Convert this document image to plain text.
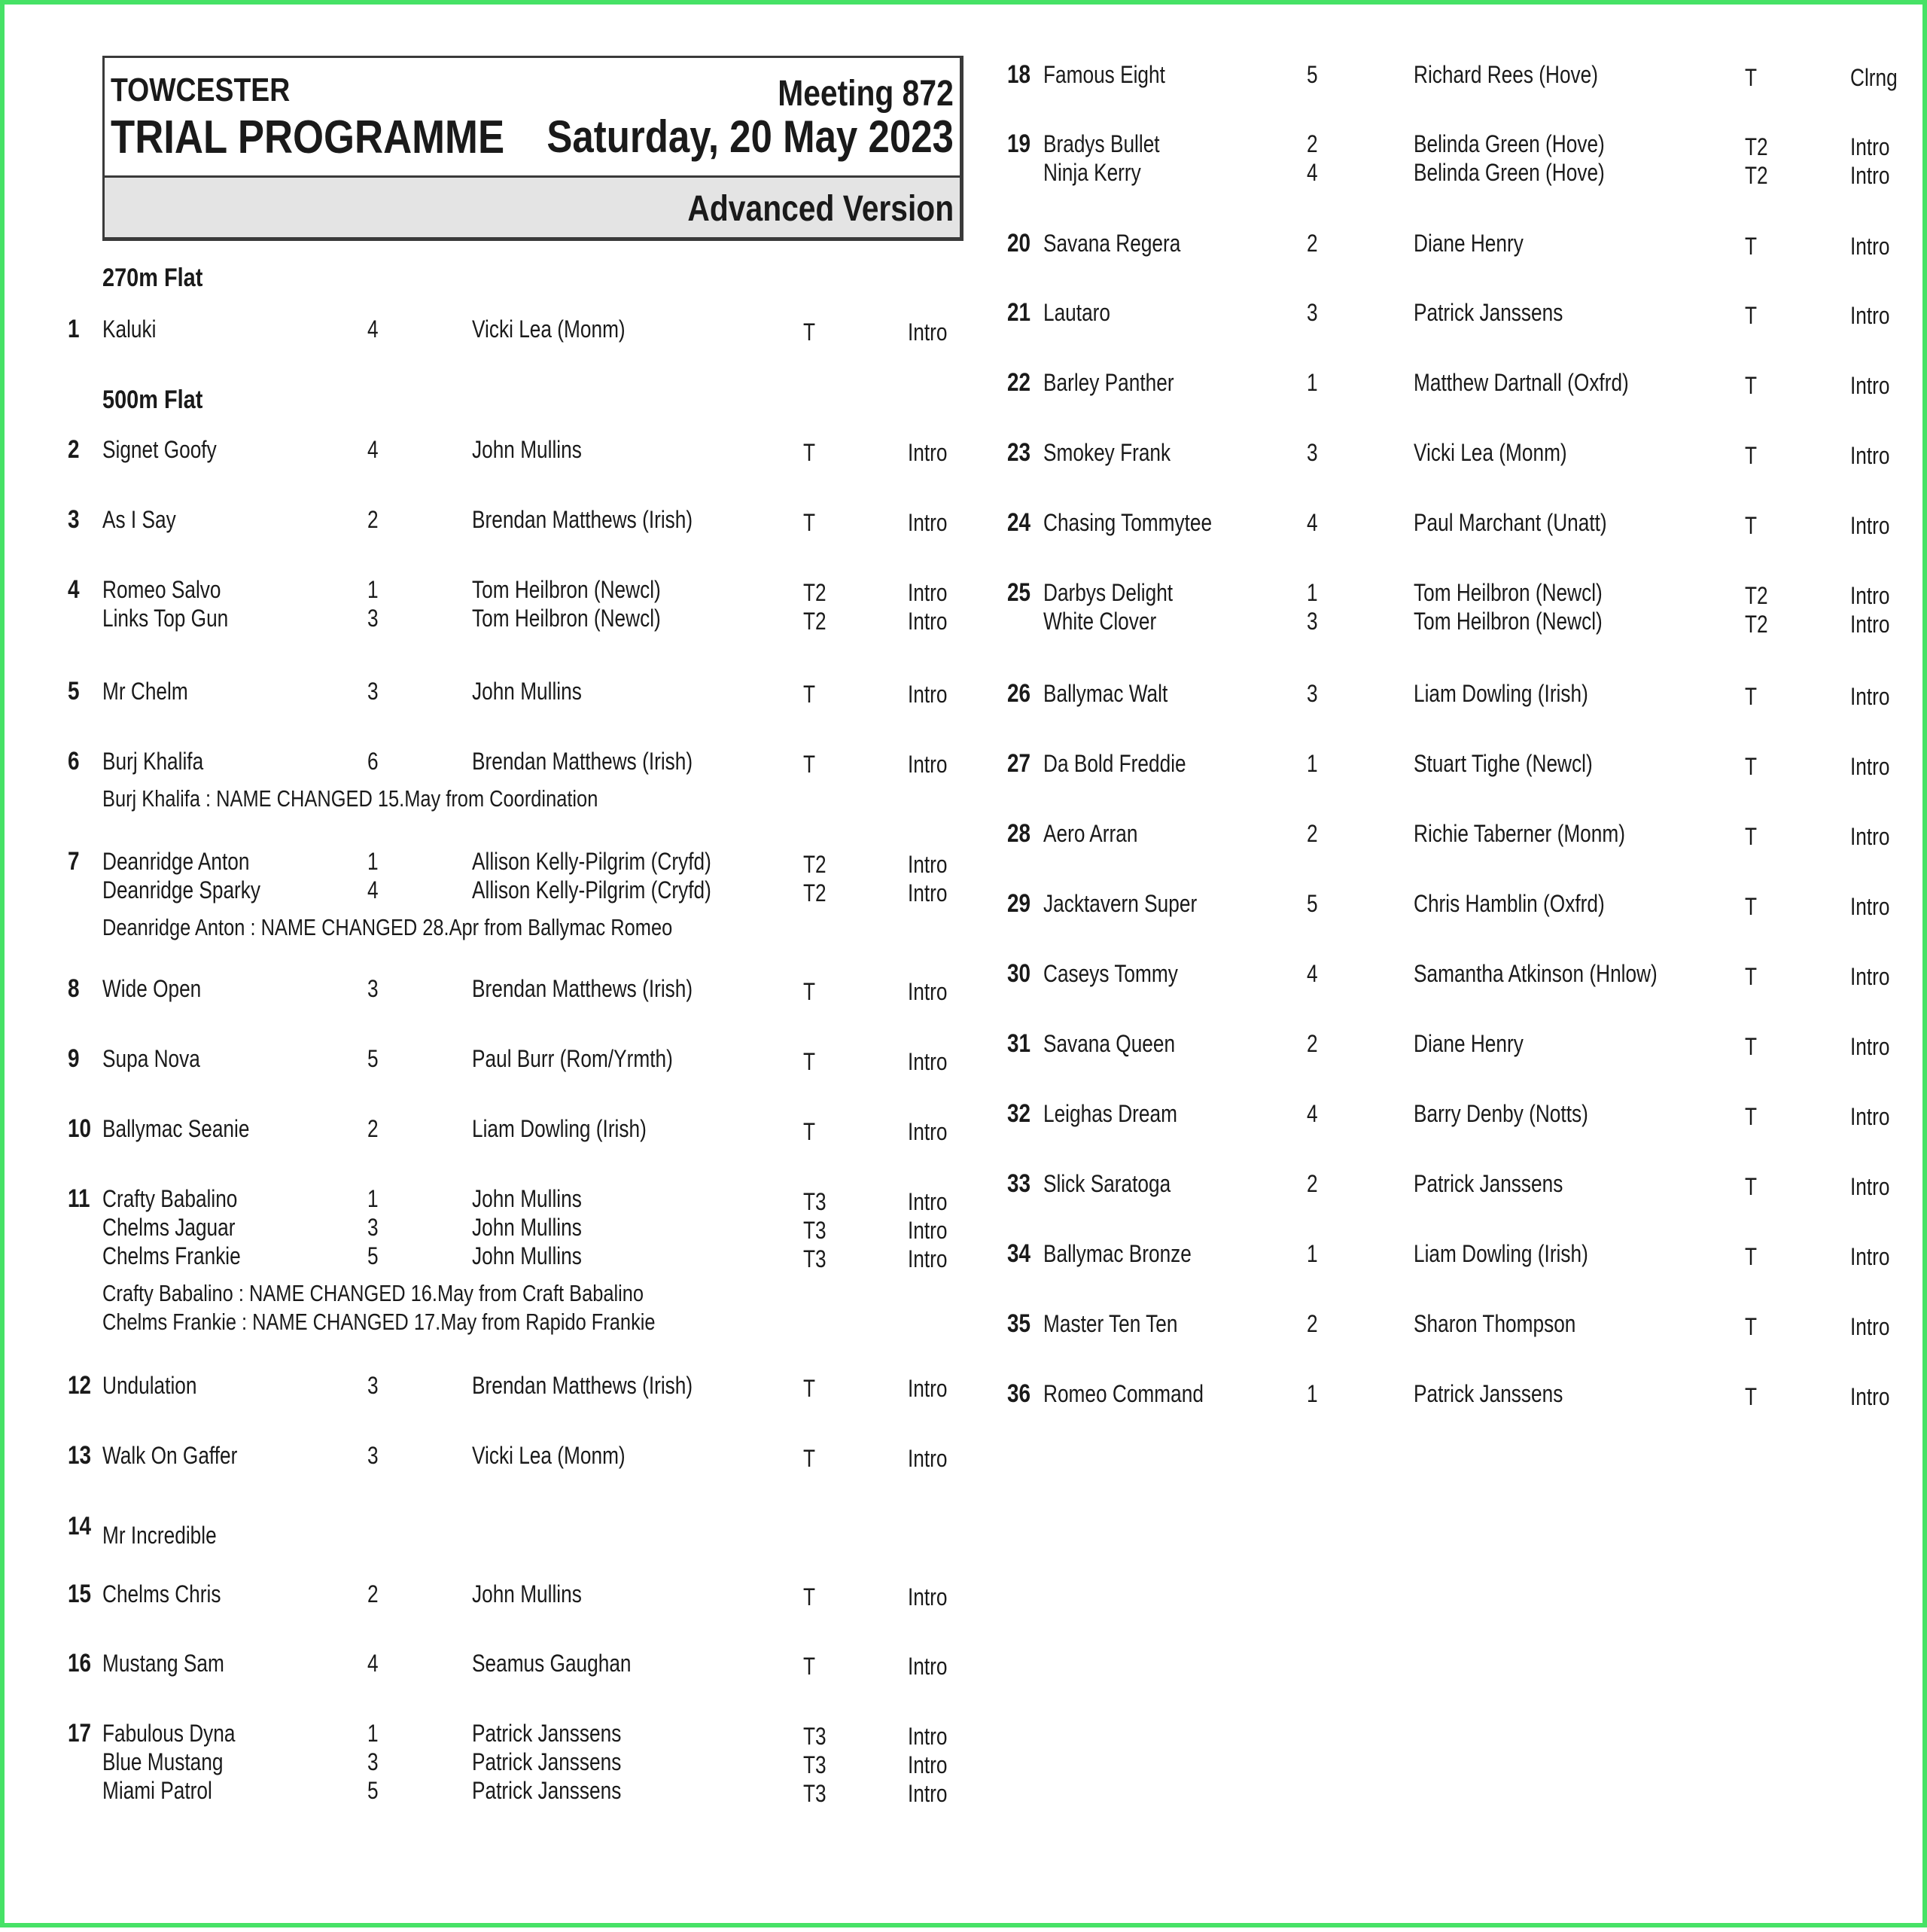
TOWCESTER
TRIAL PROGRAMME
Meeting 872
Saturday, 20 May 2023
Advanced Version
270m Flat
500m Flat
1 Kaluki	4	Vicki Lea (Monm)	T	Intro
2 Signet Goofy	4	John Mullins	T	Intro
3 As I Say	2	Brendan Matthews (Irish)	T	Intro
4 Romeo Salvo	1	Tom Heilbron (Newcl)	T2	Intro
Links Top Gun	3	Tom Heilbron (Newcl)	T2	Intro
5 Mr Chelm	3	John Mullins	T	Intro
6 Burj Khalifa	6	Brendan Matthews (Irish)	T	Intro
Burj Khalifa : NAME CHANGED 15.May from Coordination
7 Deanridge Anton	1	Allison Kelly-Pilgrim (Cryfd)	T2	Intro
Deanridge Sparky	4	Allison Kelly-Pilgrim (Cryfd)	T2	Intro
Deanridge Anton : NAME CHANGED 28.Apr from Ballymac Romeo
8 Wide Open	3	Brendan Matthews (Irish)	T	Intro
9 Supa Nova	5	Paul Burr (Rom/Yrmth)	T	Intro
10 Ballymac Seanie	2	Liam Dowling (Irish)	T	Intro
11 Crafty Babalino	1	John Mullins	T3	Intro
Chelms Jaguar	3	John Mullins	T3	Intro
Chelms Frankie	5	John Mullins	T3	Intro
Crafty Babalino : NAME CHANGED 16.May from Craft Babalino
Chelms Frankie : NAME CHANGED 17.May from Rapido Frankie
12 Undulation	3	Brendan Matthews (Irish)	T	Intro
13 Walk On Gaffer	3	Vicki Lea (Monm)	T	Intro
14 Mr Incredible
15 Chelms Chris	2	John Mullins	T	Intro
16 Mustang Sam	4	Seamus Gaughan	T	Intro
17 Fabulous Dyna	1	Patrick Janssens	T3	Intro
Blue Mustang	3	Patrick Janssens	T3	Intro
Miami Patrol	5	Patrick Janssens	T3	Intro
18 Famous Eight	5	Richard Rees (Hove)	T	Clrng
19 Bradys Bullet	2	Belinda Green (Hove)	T2	Intro
Ninja Kerry	4	Belinda Green (Hove)	T2	Intro
20 Savana Regera	2	Diane Henry	T	Intro
21 Lautaro	3	Patrick Janssens	T	Intro
22 Barley Panther	1	Matthew Dartnall (Oxfrd)	T	Intro
23 Smokey Frank	3	Vicki Lea (Monm)	T	Intro
24 Chasing Tommytee	4	Paul Marchant (Unatt)	T	Intro
25 Darbys Delight	1	Tom Heilbron (Newcl)	T2	Intro
White Clover	3	Tom Heilbron (Newcl)	T2	Intro
26 Ballymac Walt	3	Liam Dowling (Irish)	T	Intro
27 Da Bold Freddie	1	Stuart Tighe (Newcl)	T	Intro
28 Aero Arran	2	Richie Taberner (Monm)	T	Intro
29 Jacktavern Super	5	Chris Hamblin (Oxfrd)	T	Intro
30 Caseys Tommy	4	Samantha Atkinson (Hnlow)	T	Intro
31 Savana Queen	2	Diane Henry	T	Intro
32 Leighas Dream	4	Barry Denby (Notts)	T	Intro
33 Slick Saratoga	2	Patrick Janssens	T	Intro
34 Ballymac Bronze	1	Liam Dowling (Irish)	T	Intro
35 Master Ten Ten	2	Sharon Thompson	T	Intro
36 Romeo Command	1	Patrick Janssens	T	Intro
